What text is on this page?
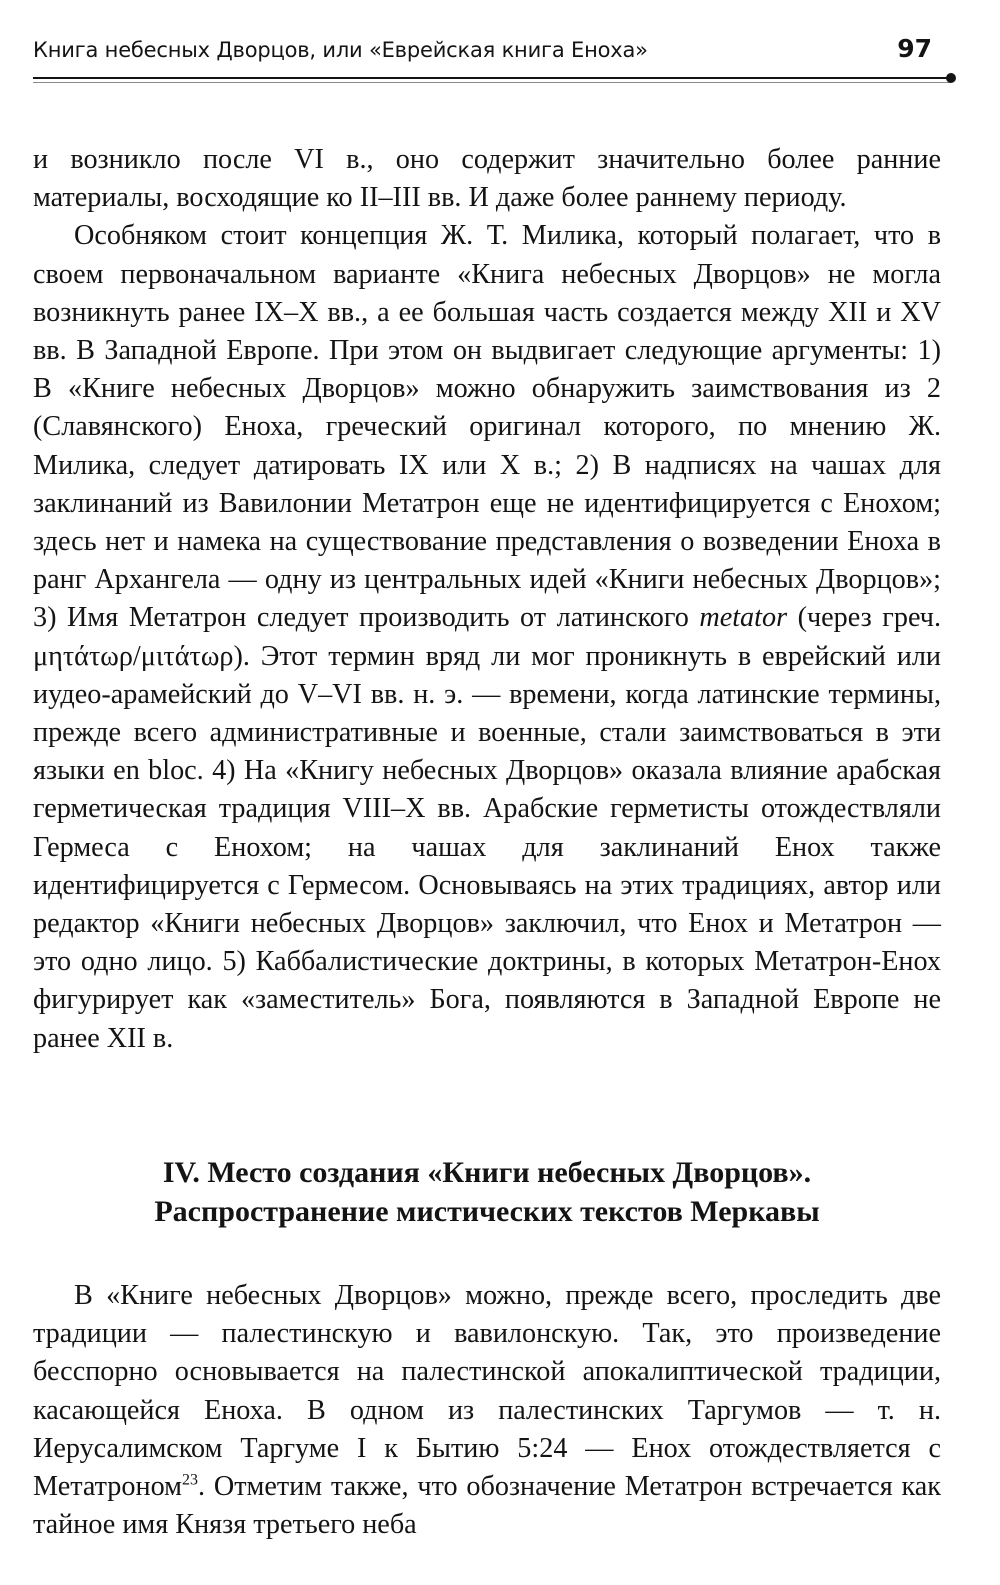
Книга небесных Дворцов, или «Еврейская книга Еноха»	97

и возникло после VI в., оно содержит значительно более ранние материалы, восходящие ко II–III вв. И даже более раннему периоду.

Особняком стоит концепция Ж. Т. Милика, который полагает, что в своем первоначальном варианте «Книга небесных Дворцов» не могла возникнуть ранее IX–X вв., а ее большая часть создается между XII и XV вв. В Западной Европе. При этом он выдвигает следующие аргументы: 1) В «Книге небесных Дворцов» можно обнаружить заимствования из 2 (Славянского) Еноха, греческий оригинал которого, по мнению Ж. Милика, следует датировать IX или X в.; 2) В надписях на чашах для заклинаний из Вавилонии Метатрон еще не идентифицируется с Енохом; здесь нет и намека на существование представления о возведении Еноха в ранг Архангела — одну из центральных идей «Книги небесных Дворцов»; 3) Имя Метатрон следует производить от латинского metator (через греч. μητάτωρ/μιτάτωρ). Этот термин вряд ли мог проникнуть в еврейский или иудео-арамейский до V–VI вв. н. э. — времени, когда латинские термины, прежде всего административные и военные, стали заимствоваться в эти языки en bloc. 4) На «Книгу небесных Дворцов» оказала влияние арабская герметическая традиция VIII–X вв. Арабские герметисты отождествляли Гермеса с Енохом; на чашах для заклинаний Енох также идентифицируется с Гермесом. Основываясь на этих традициях, автор или редактор «Книги небесных Дворцов» заключил, что Енох и Метатрон — это одно лицо. 5) Каббалистические доктрины, в которых Метатрон-Енох фигурирует как «заместитель» Бога, появляются в Западной Европе не ранее XII в.

IV. Место создания «Книги небесных Дворцов».
Распространение мистических текстов Меркавы

В «Книге небесных Дворцов» можно, прежде всего, проследить две традиции — палестинскую и вавилонскую. Так, это произведение бесспорно основывается на палестинской апокалиптической традиции, касающейся Еноха. В одном из палестинских Таргумов — т. н. Иерусалимском Таргуме I к Бытию 5:24 — Енох отождествляется с Метатроном$^{23}$. Отметим также, что обозначение Метатрон встречается как тайное имя Князя третьего неба
